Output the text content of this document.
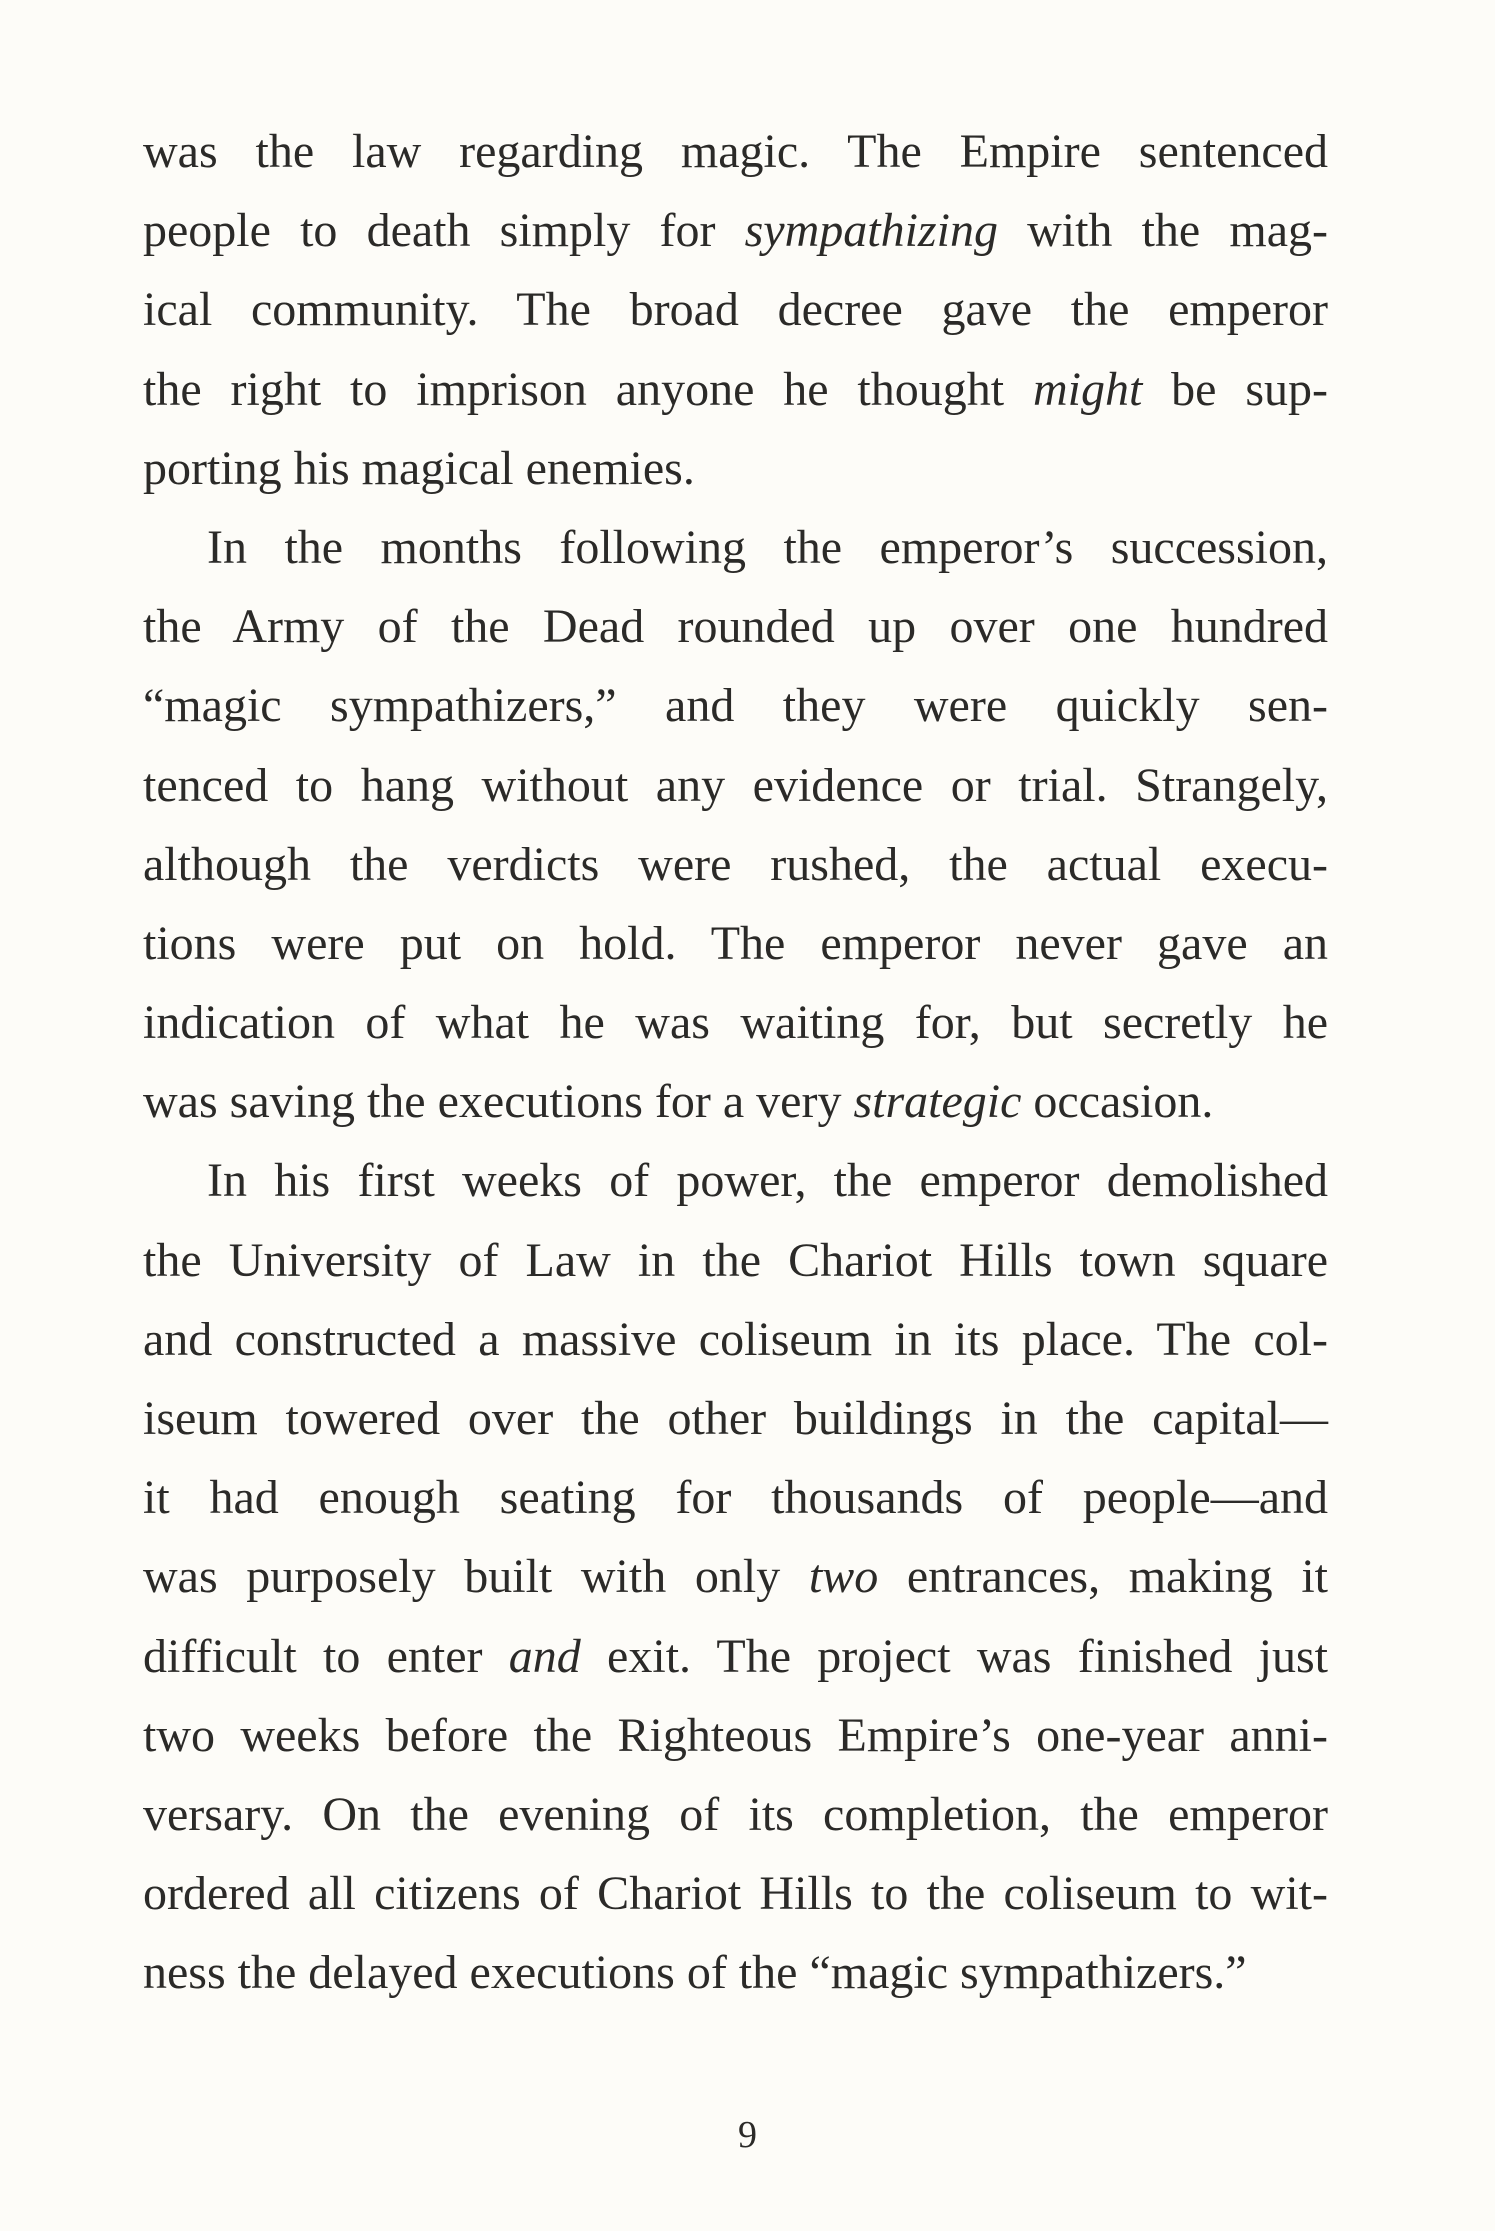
was the law regarding magic. The Empire sentenced
people to death simply for sympathizing with the mag-
ical community. The broad decree gave the emperor
the right to imprison anyone he thought might be sup-
porting his magical enemies.
In the months following the emperor’s succession,
the Army of the Dead rounded up over one hundred
“magic sympathizers,” and they were quickly sen-
tenced to hang without any evidence or trial. Strangely,
although the verdicts were rushed, the actual execu-
tions were put on hold. The emperor never gave an
indication of what he was waiting for, but secretly he
was saving the executions for a very strategic occasion.
In his first weeks of power, the emperor demolished
the University of Law in the Chariot Hills town square
and constructed a massive coliseum in its place. The col-
iseum towered over the other buildings in the capital—
it had enough seating for thousands of people—and
was purposely built with only two entrances, making it
difficult to enter and exit. The project was finished just
two weeks before the Righteous Empire’s one-year anni-
versary. On the evening of its completion, the emperor
ordered all citizens of Chariot Hills to the coliseum to wit-
ness the delayed executions of the “magic sympathizers.”
9
